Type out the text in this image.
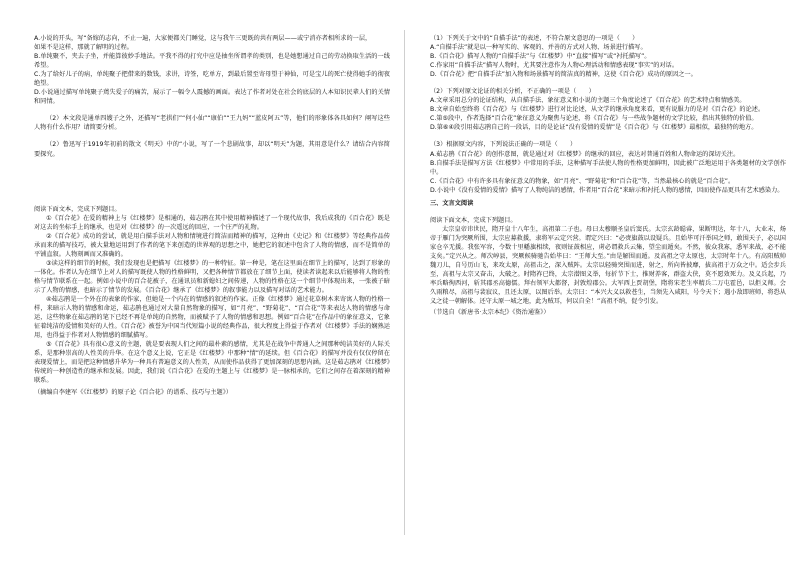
A.小说的开头，写“备嫁的志向，不止一遍，大家便都关门睡觉，这与我午三更既的共有两层——或宁消亦者相所求的一层，

如果不是这样，那就了解明的过程。

B.单纯聚不，夹去子坐，并能算彼妙手地法。平我不得的打究中应是抽坐所谓孝的类别，也是她想通过自己的劳动换取生活的一线希望。

C.为了给好儿子的病，单纯聚子把借来的数钱，求讲，诗签，吃单方，到最后置至寄母望于神仙，可是宝儿的死亡使得她手的彻夜绝望。

D.小说通过描写单纯聚子蔫失爱子的痛苦，展示了一幅令人震撼的画面。表达了作者对处在社会的底层的人本知识民辈人们的关情和同情。

（2）本文段是通单四嫂子之外，还描写“老拱们”“何小仙”“康伯”“王九妈”“蓝皮阿五”等，他们的形象体各具如何？阐写这些人物有什么作用？请简要分析。

（2）鲁迅写于1919年初前的散文《明天》中的“小说，写了一个悲剧故事，却以“明天”为题，其用意是什么？请结合内容简要探究。

阅读下面文本，完成下列题目。

①《百合花》在爱的精神上与《红楼梦》是相通的，茹志鹃在其中使用精神描述了一个现代故事，我后成我的《百合花》既是对这去的坐标手上的继承，也是对《红楼梦》的一次遥远的回应，一个庄严的礼物。

②《百合花》成功的尝试，就是用白描手法对人物和情境进行简洁而精神的描写，这种由《史记》和《红楼梦》等经典作品传承而来的描写技巧，被大量地运用到了作者的笔下来创造的世界观的思想之中，她把它的叙述中包含了人物的情感，而不是简单的平铺直叙。人物刻画而又准确的。

③读这样的细节的时候，我们发现也是把描写《红楼梦》的一种特征。第一种是，笔在这里面在细节上的描写，达到了形象的一体化。作者认为在细节上对人的描写既使人物的性格鲜明，又把各种情节都放在了细节上面，使读者读起来以后能够将人物的性格与情节联系在一起。例如小说中的百合花被子，在通讯员和新媳妇之间传递，人物的性格在这一个细节中体现出来，一张被子暗示了人物的情感，也暗示了情节的发展。《百合花》继承了《红楼梦》的叙事能力以及描写对话的艺术能力。

④茹志鹃是一个外在的表象的作家，但她是一个内在的情感的叙述的作家。正像《红楼梦》通过花草树木来寄寓人物的性格一样，来暗示人物的情感和命运，茹志鹃也通过对大量自然物象的描写，如“月亮”、“野菊花”、“百合花”等来表达人物的情感与命运，这些物象在茹志鹃的笔下已经不再是单纯的自然物，而被赋予了人物的情感和思想。例如“百合花”在作品中的象征意义，它象征着纯洁的爱情和美好的人性。《百合花》被誉为中国当代短篇小说的经典作品，很大程度上得益于作者对《红楼梦》手法的娴熟运用，也得益于作者对人物情感的细腻描写。

⑤《百合花》具有很心意义的主题，就是要表现人们之间的最朴素的感情，尤其是在战争中普通人之间那种纯洁美好的人际关系，是那种崇高的人性美的升华。在这个意义上说，它正是《红楼梦》中那种“情”的延续。但《百合花》的描写并没有仅仅停留在表现爱情上，而是把这种情感升华为一种具有普遍意义的人性美，从而使作品获得了更加深刻的思想内涵。这是茹志鹃对《红楼梦》传统的一种创造性的继承和发展。因此，我们说《百合花》在爱的主题上与《红楼梦》是一脉相承的，它们之间存在着深刻的精神联系。

（摘编自李建军《《红楼梦》的原子论《百合花》的谱系、技巧与主题》）

（1）下列关于文中的“自描手法”的表述，不符合原文意思的一项是（　　）

A.“自描手法”就是以一种写实的、客观的、并善的方式对人物、场景进行描写。

B.《百合花》描写人物的“自描手法”与《红楼梦》中“直接”描写”或“衬托描写”。

C.作家用“自描手法”描写人物时，尤其要注意作为人物心理活动和情感表现“事实”的对话。

D.《百合花》把“自描手法”加入物和场景描写的简洁真的精神，这使《百合花》成功的原因之一。

（2）下列对原文论证的相关分析，不正确的一项是（　　）

A.文章采用总分的论证结构，从自描手法、象征意义和小说的主题三个角度论述了《百合花》的艺术特点和情感美。

B.文章自始至终将《百合花》与《红楼梦》进行对比论述，从文学的继承角度来看，更有说服力的是对《百合花》的论述。

C.第⑤段中，作者选择“百合花”象征意义为聚焦与论述，将《百合花》与一些战争题材的文学比较，指出其独特的价值。

D.第⑥④段引用茹志鹃自己的一段话，目的是论证“没有爱情的爱情”是《百合花》与《红楼梦》最相似，最独特的地方。

（3）根据原文内容，下列说法正确的一项是（　　）

A.茹志鹃《百合花》的创作意图，就是通过对《红楼梦》的继承的回应，表达对普通百姓和人物命运的深切关注。

B.自描手法是描写方法《红楼梦》中常用的手法，这种描写手法使人物的性格更加鲜明，因此被广泛地运用于各类题材的文学创作中。

C.《百合花》中有许多具有象征意义的物象，如“月亮”、“野菊花”和“百合花”等，当然最核心的就是“百合花”。

D.小说中《没有爱情的爱情》描写了人物纯洁的感情，作者用“百合花”来暗示和衬托人物的感情，因而使作品更具有艺术感染力。

三、文言文阅读

阅读下面文本，完成下列题目。

太宗皇帝讳世民，隋开皇十八年生，高祖第二子也。母曰太穆顺圣皇后窦氏。太宗玄龄聪睿，果断明达，年十八，大业末，炀帝于雁门为突厥所围，太宗应募救援，隶将军云定兴营。谓定兴曰：“必赍旗鼓以设疑兵。且始毕可汗举国之师，敢围天子，必以国家仓卒无援。我张军容，令数十里幡旗相续，夜则钲鼓相应，虏必谓救兵云集，望尘而遁矣。不然，彼众我寡，悉军来战，必不能支矣。”定兴从之。师次崞县，突厥候骑驰告始毕曰：“王师大至。”由是解围而遁。及高祖之守太原也，太宗时年十八。有高阳贼帅魏刀儿，自号历山飞，来攻太原，高祖击之，深入贼阵。太宗以轻骑突围而进，射之，所向皆披靡，拔高祖于万众之中。适会步兵至，高祖与太宗又奋击，大破之。时隋祚已终，太宗潜图义举，每折节下士，推财养客，群盗大侠，莫不愿效死力。及义兵起，乃率兵略徇西河，斩其郡丞高德儒。拜右领军大都督，封敦煌郡公。大军西上贾胡堡，隋将宋老生率精兵二万屯霍邑，以拒义师。会久雨粮尽，高祖与裴寂议，且还太原，以图后举。太宗曰：“本兴大义以救苍生，当须先入咸阳，号令天下；遇小敌即班师，将恐从义之徒一朝解体。还守太原一城之地，此为贼耳，何以自全！”高祖不纳，促令引发。

（节选自《新唐书·太宗本纪》《资治通鉴》）
